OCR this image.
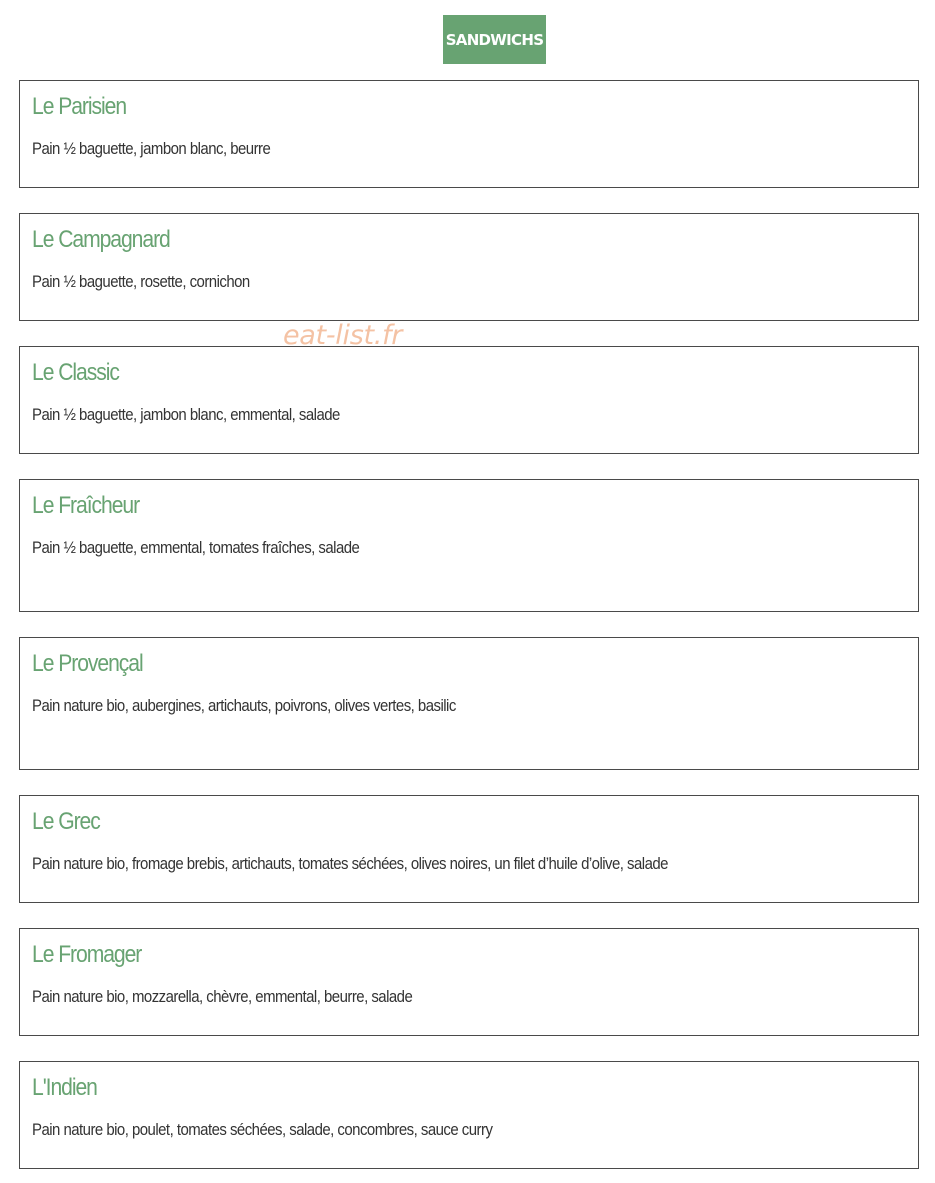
SANDWICHS
Le Parisien

Pain ½ baguette, jambon blanc, beurre

Le Campagnard

Pain ½ baguette, rosette, cornichon

Le Classic

Pain ½ baguette, jambon blanc, emmental, salade

Le Fraîcheur

Pain ½ baguette, emmental, tomates fraîches, salade

Le Provençal

Pain nature bio, aubergines, artichauts, poivrons, olives vertes, basilic

Le Grec

Pain nature bio, fromage brebis, artichauts, tomates séchées, olives noires, un filet d’huile d’olive, salade

Le Fromager

Pain nature bio, mozzarella, chèvre, emmental, beurre, salade

L'Indien

Pain nature bio, poulet, tomates séchées, salade, concombres, sauce curry

eat-list.fr
